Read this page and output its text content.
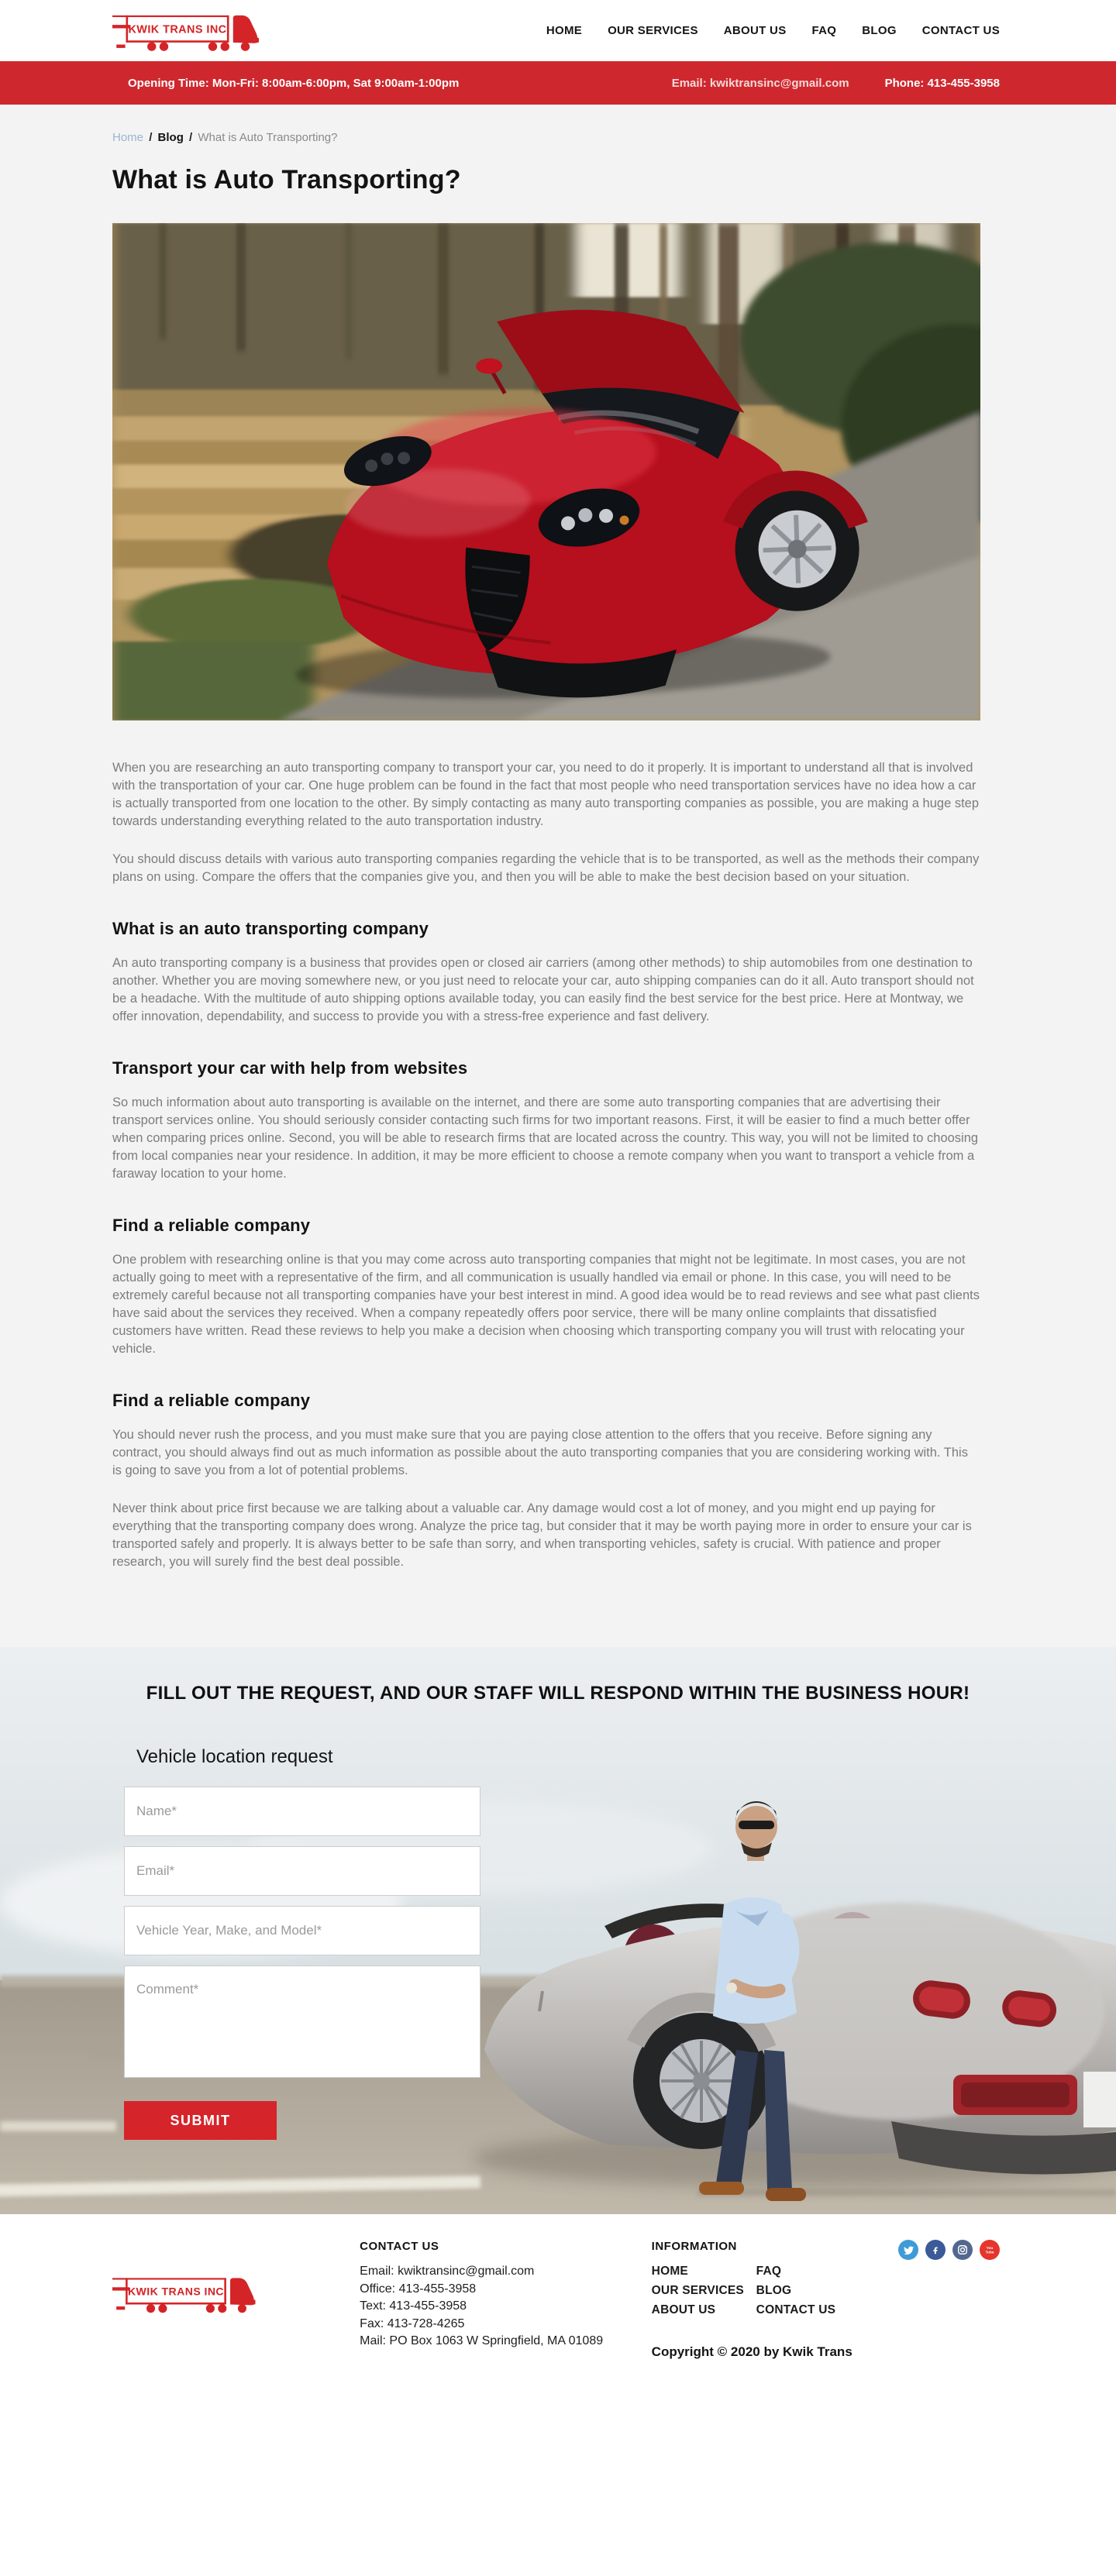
KWIK TRANS INC	HOME OUR SERVICES ABOUT US FAQ BLOG CONTACT US
Opening Time: Mon-Fri: 8:00am-6:00pm, Sat 9:00am-1:00pm	Email: kwiktransinc@gmail.com	Phone: 413-455-3958
Home / Blog / What is Auto Transporting?
What is Auto Transporting?

When you are researching an auto transporting company to transport your car, you need to do it properly. It is important to understand all that is involved with the transportation of your car. One huge problem can be found in the fact that most people who need transportation services have no idea how a car is actually transported from one location to the other. By simply contacting as many auto transporting companies as possible, you are making a huge step towards understanding everything related to the auto transportation industry.

You should discuss details with various auto transporting companies regarding the vehicle that is to be transported, as well as the methods their company plans on using. Compare the offers that the companies give you, and then you will be able to make the best decision based on your situation.

What is an auto transporting company

An auto transporting company is a business that provides open or closed air carriers (among other methods) to ship automobiles from one destination to another. Whether you are moving somewhere new, or you just need to relocate your car, auto shipping companies can do it all. Auto transport should not be a headache. With the multitude of auto shipping options available today, you can easily find the best service for the best price. Here at Montway, we offer innovation, dependability, and success to provide you with a stress-free experience and fast delivery.

Transport your car with help from websites

So much information about auto transporting is available on the internet, and there are some auto transporting companies that are advertising their transport services online. You should seriously consider contacting such firms for two important reasons. First, it will be easier to find a much better offer when comparing prices online. Second, you will be able to research firms that are located across the country. This way, you will not be limited to choosing from local companies near your residence. In addition, it may be more efficient to choose a remote company when you want to transport a vehicle from a faraway location to your home.

Find a reliable company

One problem with researching online is that you may come across auto transporting companies that might not be legitimate. In most cases, you are not actually going to meet with a representative of the firm, and all communication is usually handled via email or phone. In this case, you will need to be extremely careful because not all transporting companies have your best interest in mind. A good idea would be to read reviews and see what past clients have said about the services they received. When a company repeatedly offers poor service, there will be many online complaints that dissatisfied customers have written. Read these reviews to help you make a decision when choosing which transporting company you will trust with relocating your vehicle.

Find a reliable company

You should never rush the process, and you must make sure that you are paying close attention to the offers that you receive. Before signing any contract, you should always find out as much information as possible about the auto transporting companies that you are considering working with. This is going to save you from a lot of potential problems.

Never think about price first because we are talking about a valuable car. Any damage would cost a lot of money, and you might end up paying for everything that the transporting company does wrong. Analyze the price tag, but consider that it may be worth paying more in order to ensure your car is transported safely and properly. It is always better to be safe than sorry, and when transporting vehicles, safety is crucial. With patience and proper research, you will surely find the best deal possible.

FILL OUT THE REQUEST, AND OUR STAFF WILL RESPOND WITHIN THE BUSINESS HOUR!
Vehicle location request
Name*
Email*
Vehicle Year, Make, and Model*
Comment* SUBMIT
KWIK TRANS INC
CONTACT US
Email: kwiktransinc@gmail.com
Office: 413-455-3958
Text: 413-455-3958
Fax: 413-728-4265
Mail: PO Box 1063 W Springfield, MA 01089
INFORMATION
HOME
OUR SERVICES
ABOUT US
FAQ
BLOG
CONTACT US
Copyright © 2020 by Kwik Trans
You
Tube
